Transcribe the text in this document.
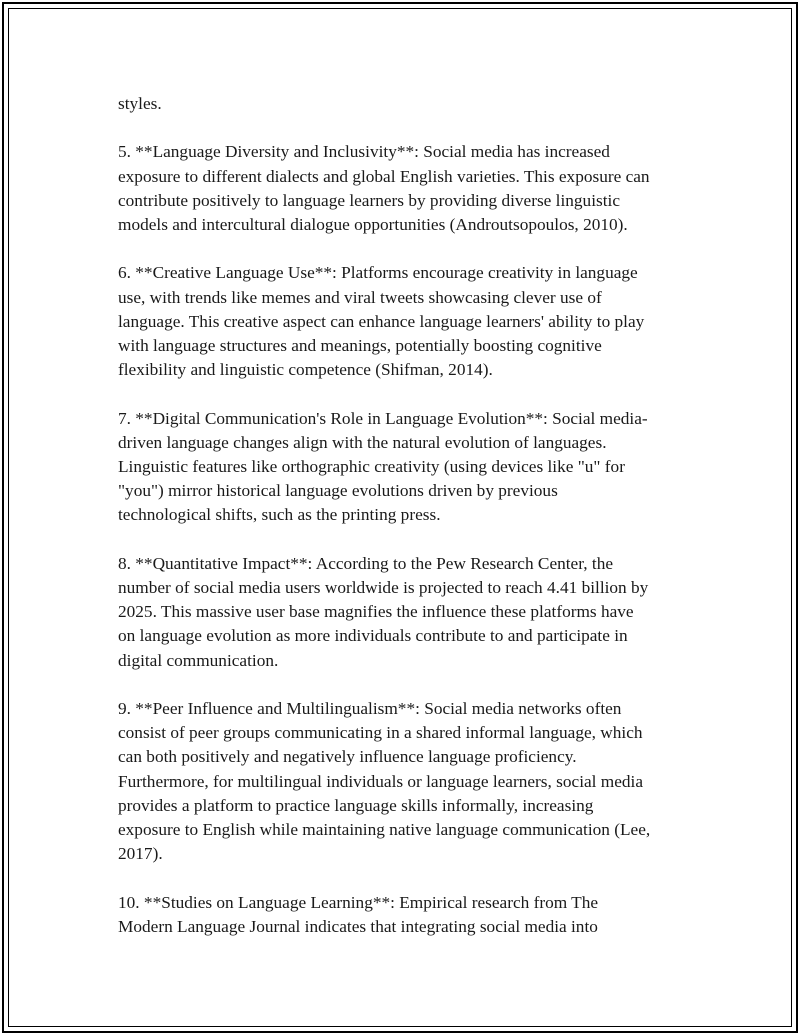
styles.

5. **Language Diversity and Inclusivity**: Social media has increased
exposure to different dialects and global English varieties. This exposure can
contribute positively to language learners by providing diverse linguistic
models and intercultural dialogue opportunities (Androutsopoulos, 2010).

6. **Creative Language Use**: Platforms encourage creativity in language
use, with trends like memes and viral tweets showcasing clever use of
language. This creative aspect can enhance language learners' ability to play
with language structures and meanings, potentially boosting cognitive
flexibility and linguistic competence (Shifman, 2014).

7. **Digital Communication's Role in Language Evolution**: Social media-
driven language changes align with the natural evolution of languages.
Linguistic features like orthographic creativity (using devices like "u" for
"you") mirror historical language evolutions driven by previous
technological shifts, such as the printing press.

8. **Quantitative Impact**: According to the Pew Research Center, the
number of social media users worldwide is projected to reach 4.41 billion by
2025. This massive user base magnifies the influence these platforms have
on language evolution as more individuals contribute to and participate in
digital communication.

9. **Peer Influence and Multilingualism**: Social media networks often
consist of peer groups communicating in a shared informal language, which
can both positively and negatively influence language proficiency.
Furthermore, for multilingual individuals or language learners, social media
provides a platform to practice language skills informally, increasing
exposure to English while maintaining native language communication (Lee,
2017).

10. **Studies on Language Learning**: Empirical research from The
Modern Language Journal indicates that integrating social media into
